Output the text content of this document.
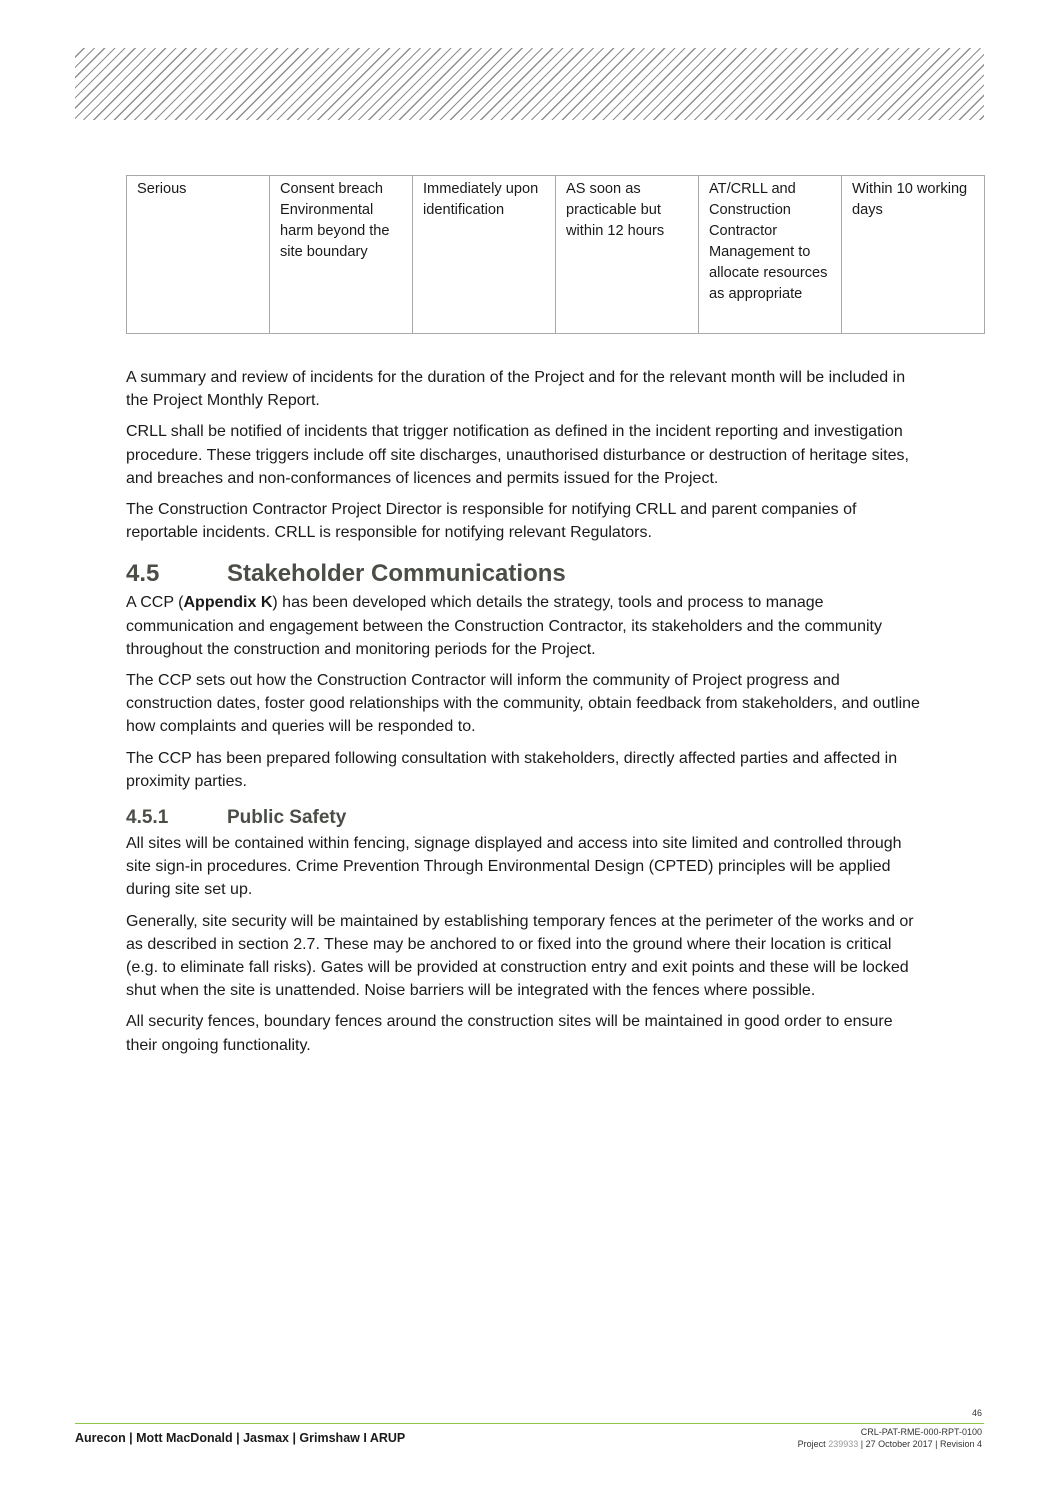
Serious	Consent breach Environmental harm beyond the site boundary	Immediately upon identification	AS soon as practicable but within 12 hours	AT/CRLL and Construction Contractor Management to allocate resources as appropriate	Within 10 working days

A summary and review of incidents for the duration of the Project and for the relevant month will be included in the Project Monthly Report.

CRLL shall be notified of incidents that trigger notification as defined in the incident reporting and investigation procedure. These triggers include off site discharges, unauthorised disturbance or destruction of heritage sites, and breaches and non-conformances of licences and permits issued for the Project.

The Construction Contractor Project Director is responsible for notifying CRLL and parent companies of reportable incidents. CRLL is responsible for notifying relevant Regulators.

4.5	Stakeholder Communications

A CCP (Appendix K) has been developed which details the strategy, tools and process to manage communication and engagement between the Construction Contractor, its stakeholders and the community throughout the construction and monitoring periods for the Project.

The CCP sets out how the Construction Contractor will inform the community of Project progress and construction dates, foster good relationships with the community, obtain feedback from stakeholders, and outline how complaints and queries will be responded to.

The CCP has been prepared following consultation with stakeholders, directly affected parties and affected in proximity parties.

4.5.1	Public Safety

All sites will be contained within fencing, signage displayed and access into site limited and controlled through site sign-in procedures. Crime Prevention Through Environmental Design (CPTED) principles will be applied during site set up.

Generally, site security will be maintained by establishing temporary fences at the perimeter of the works and or as described in section 2.7. These may be anchored to or fixed into the ground where their location is critical (e.g. to eliminate fall risks). Gates will be provided at construction entry and exit points and these will be locked shut when the site is unattended. Noise barriers will be integrated with the fences where possible.

All security fences, boundary fences around the construction sites will be maintained in good order to ensure their ongoing functionality.

46
CRL-PAT-RME-000-RPT-0100
Aurecon | Mott MacDonald | Jasmax | Grimshaw I ARUP	Project 239933 | 27 October 2017 | Revision 4
